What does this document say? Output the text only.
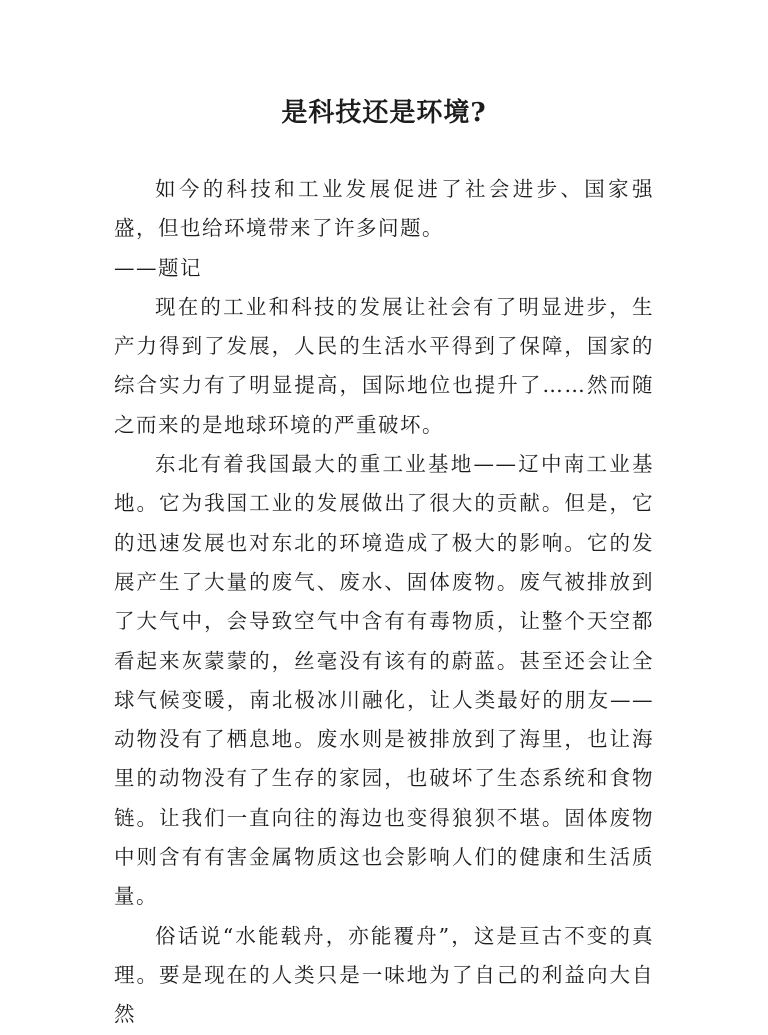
是科技还是环境?

如今的科技和工业发展促进了社会进步、国家强盛，但也给环境带来了许多问题。

——题记

现在的工业和科技的发展让社会有了明显进步，生产力得到了发展，人民的生活水平得到了保障，国家的综合实力有了明显提高，国际地位也提升了……然而随之而来的是地球环境的严重破坏。

东北有着我国最大的重工业基地——辽中南工业基地。它为我国工业的发展做出了很大的贡献。但是，它的迅速发展也对东北的环境造成了极大的影响。它的发展产生了大量的废气、废水、固体废物。废气被排放到了大气中，会导致空气中含有有毒物质，让整个天空都看起来灰蒙蒙的，丝毫没有该有的蔚蓝。甚至还会让全球气候变暖，南北极冰川融化，让人类最好的朋友——动物没有了栖息地。废水则是被排放到了海里，也让海里的动物没有了生存的家园，也破坏了生态系统和食物链。让我们一直向往的海边也变得狼狈不堪。固体废物中则含有有害金属物质这也会影响人们的健康和生活质量。

俗话说“水能载舟，亦能覆舟”，这是亘古不变的真理。要是现在的人类只是一味地为了自己的利益向大自然
